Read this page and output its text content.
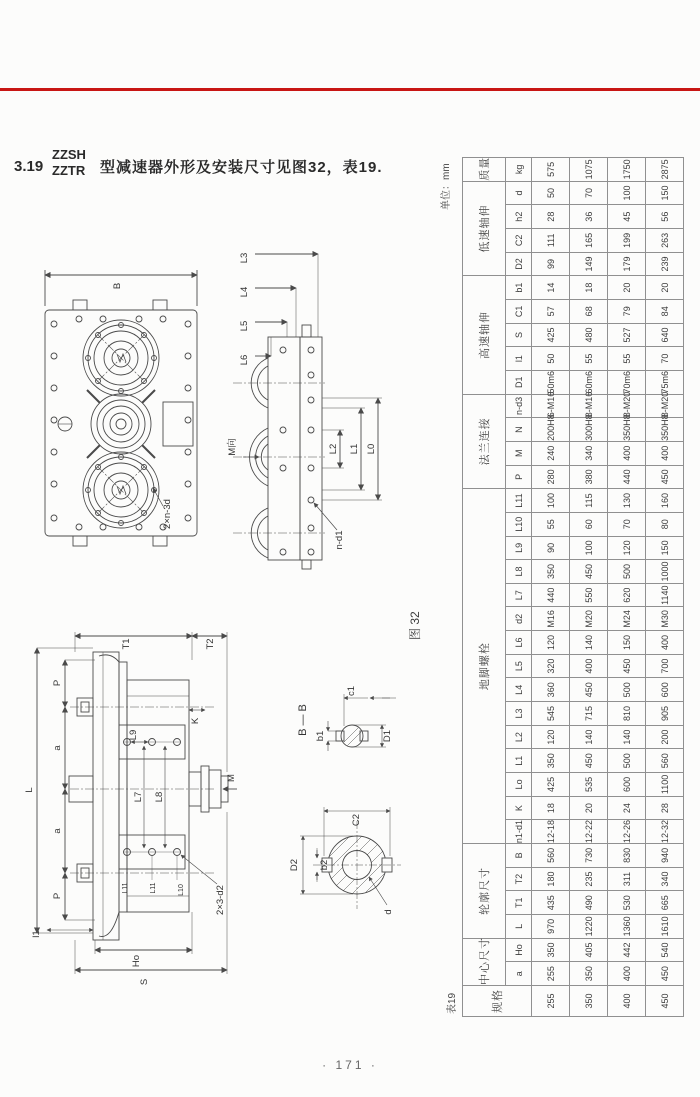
3.19
ZZSH
ZZTR 型减速器外形及安装尺寸见图32，表19.	单位：mm
B
2×n-3d
L3
L4
L5
L6
M向	L2 L1 L0
n-d1
图 32
T1	T2
L
P
a
a
P
K
L9
L7 L8
L11	L11	L10	2×3-d2
l1
Ho
S
M
B — B
c1
b1	D1
C2
D2 b2
d
表19	规格	中心尺寸		轮廓尺寸				地脚螺栓															法兰连接				高速轴伸					低速轴伸				质量
	a	Ho	L	T1	T2	B	n1-d1	K	Lo	L1	L2	L3	L4	L5	L6	d2	L7	L8	L9	L10	L11	P	M	N	n-d3	D1	l1	S	C1	b1	D2	C2	h2	d	kg
255	255	350	970	435	180	560	12-18	18	425	350	120	545	360	320	120	M16	440	350	90	55	100	280	240	200H8	6-M16	50m6	50	425	57	14	99	111	28	50	575
350	350	405	1220	490	235	730	12-22	20	535	450	140	715	450	400	140	M20	550	450	100	60	115	380	340	300H8	8-M16	60m6	55	480	68	18	149	165	36	70	1075
400	400	442	1360	530	311	830	12-26	24	600	500	140	810	500	450	150	M24	620	500	120	70	130	440	400	350H8	8-M20	70m6	55	527	79	20	179	199	45	100	1750
450	450	540	1610	665	340	940	12-32	28	1100	560	200	905	600	700	400	M30	1140	1000	150	80	160	450	400	350H8	8-M20	75m6	70	640	84	20	239	263	56	150	2875
· 171 ·
